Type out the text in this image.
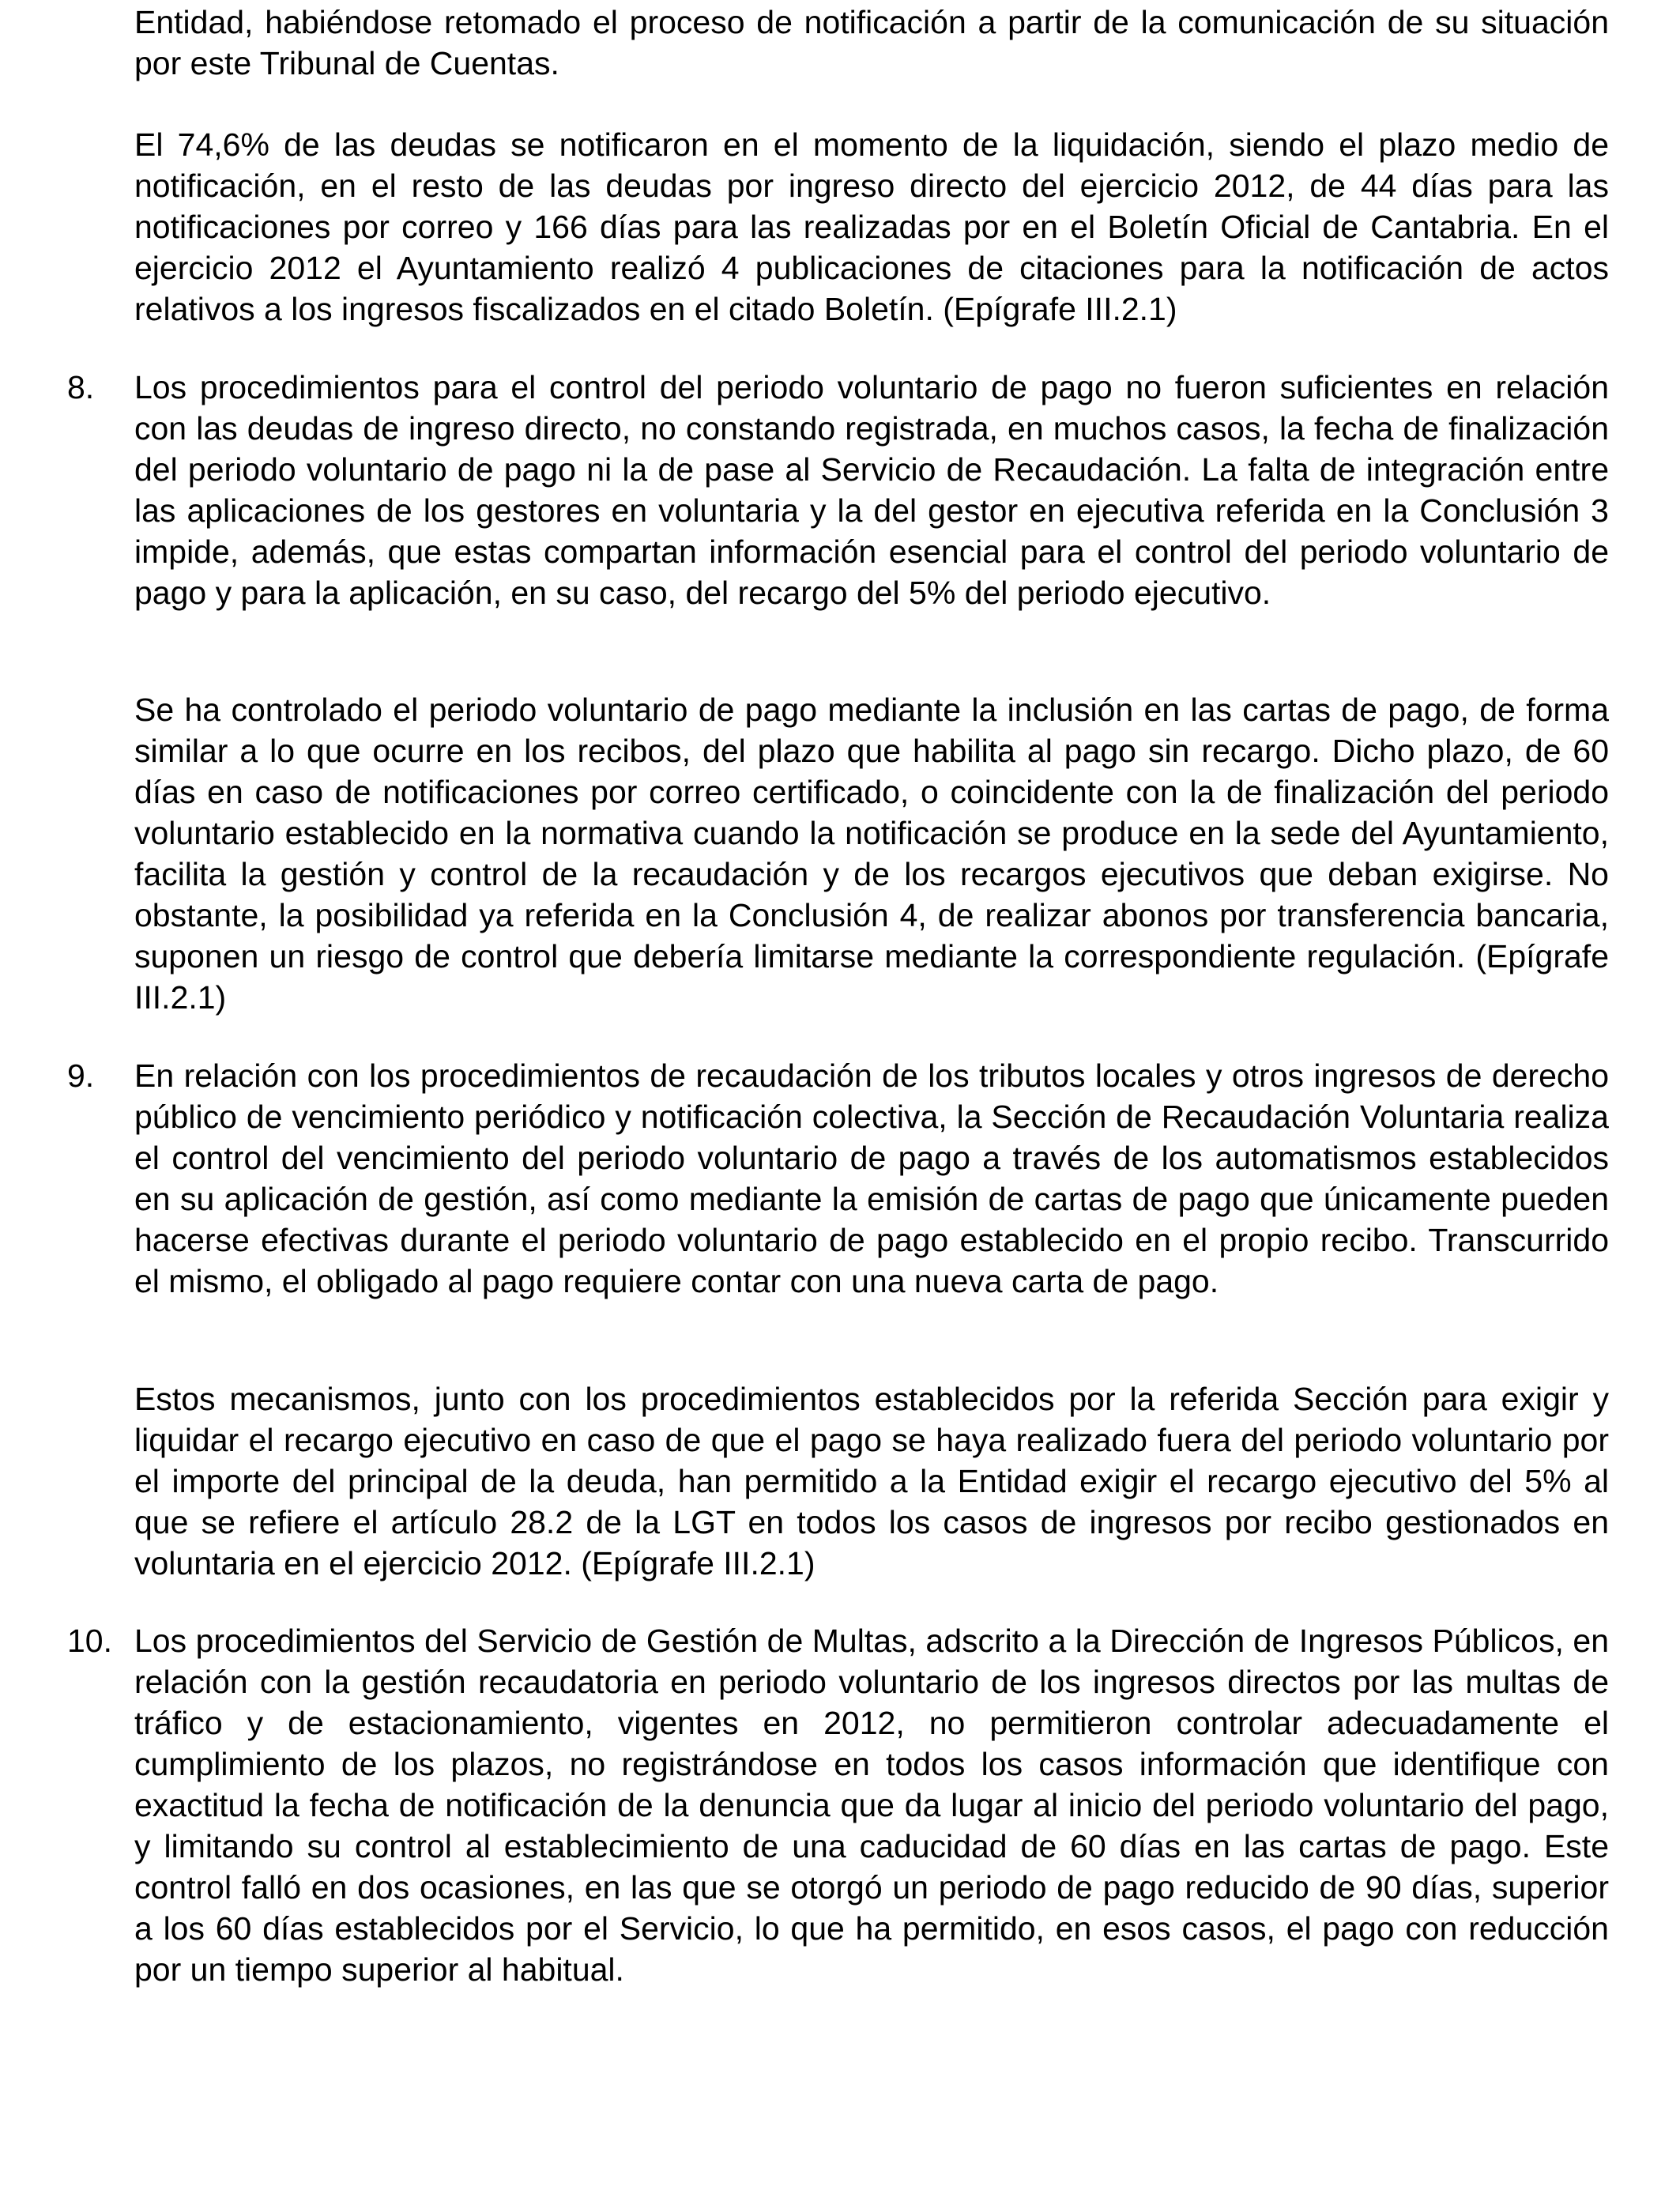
Entidad, habiéndose retomado el proceso de notificación a partir de la comunicación de su situación por este Tribunal de Cuentas.

El 74,6% de las deudas se notificaron en el momento de la liquidación, siendo el plazo medio de notificación, en el resto de las deudas por ingreso directo del ejercicio 2012, de 44 días para las notificaciones por correo y 166 días para las realizadas por en el Boletín Oficial de Cantabria. En el ejercicio 2012 el Ayuntamiento realizó 4 publicaciones de citaciones para la notificación de actos relativos a los ingresos fiscalizados en el citado Boletín. (Epígrafe III.2.1)

8. Los procedimientos para el control del periodo voluntario de pago no fueron suficientes en relación con las deudas de ingreso directo, no constando registrada, en muchos casos, la fecha de finalización del periodo voluntario de pago ni la de pase al Servicio de Recaudación. La falta de integración entre las aplicaciones de los gestores en voluntaria y la del gestor en ejecutiva referida en la Conclusión 3 impide, además, que estas compartan información esencial para el control del periodo voluntario de pago y para la aplicación, en su caso, del recargo del 5% del periodo ejecutivo.

Se ha controlado el periodo voluntario de pago mediante la inclusión en las cartas de pago, de forma similar a lo que ocurre en los recibos, del plazo que habilita al pago sin recargo. Dicho plazo, de 60 días en caso de notificaciones por correo certificado, o coincidente con la de finalización del periodo voluntario establecido en la normativa cuando la notificación se produce en la sede del Ayuntamiento, facilita la gestión y control de la recaudación y de los recargos ejecutivos que deban exigirse. No obstante, la posibilidad ya referida en la Conclusión 4, de realizar abonos por transferencia bancaria, suponen un riesgo de control que debería limitarse mediante la correspondiente regulación. (Epígrafe III.2.1)

9. En relación con los procedimientos de recaudación de los tributos locales y otros ingresos de derecho público de vencimiento periódico y notificación colectiva, la Sección de Recaudación Voluntaria realiza el control del vencimiento del periodo voluntario de pago a través de los automatismos establecidos en su aplicación de gestión, así como mediante la emisión de cartas de pago que únicamente pueden hacerse efectivas durante el periodo voluntario de pago establecido en el propio recibo. Transcurrido el mismo, el obligado al pago requiere contar con una nueva carta de pago.

Estos mecanismos, junto con los procedimientos establecidos por la referida Sección para exigir y liquidar el recargo ejecutivo en caso de que el pago se haya realizado fuera del periodo voluntario por el importe del principal de la deuda, han permitido a la Entidad exigir el recargo ejecutivo del 5% al que se refiere el artículo 28.2 de la LGT en todos los casos de ingresos por recibo gestionados en voluntaria en el ejercicio 2012. (Epígrafe III.2.1)

10. Los procedimientos del Servicio de Gestión de Multas, adscrito a la Dirección de Ingresos Públicos, en relación con la gestión recaudatoria en periodo voluntario de los ingresos directos por las multas de tráfico y de estacionamiento, vigentes en 2012, no permitieron controlar adecuadamente el cumplimiento de los plazos, no registrándose en todos los casos información que identifique con exactitud la fecha de notificación de la denuncia que da lugar al inicio del periodo voluntario del pago, y limitando su control al establecimiento de una caducidad de 60 días en las cartas de pago. Este control falló en dos ocasiones, en las que se otorgó un periodo de pago reducido de 90 días, superior a los 60 días establecidos por el Servicio, lo que ha permitido, en esos casos, el pago con reducción por un tiempo superior al habitual.
